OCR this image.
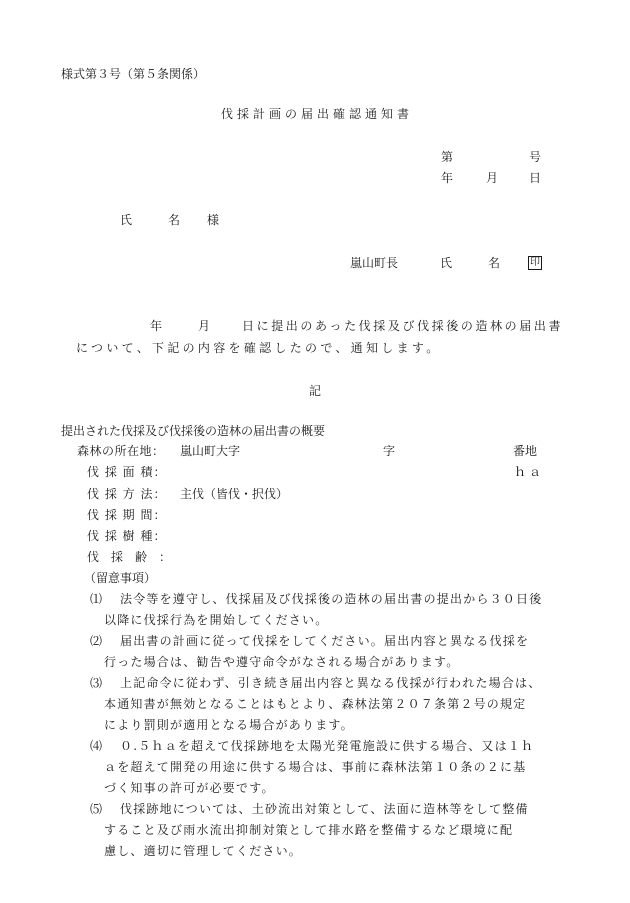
様式第３号（第５条関係）
伐採計画の届出確認通知書
第	号
年	月	日
氏　　名 様
嵐山町長	氏　　名	印
年	月	日に提出のあった伐採及び伐採後の造林の届出書
について、下記の内容を確認したので、通知します。
記
提出された伐採及び伐採後の造林の届出書の概要
森林の所在地： 嵐山町大字	字	番地
伐 採 面 積：	ｈａ
伐 採 方 法： 主伐（皆伐・択伐）
伐 採 期 間：
伐 採 樹 種：
伐　採　齢　：
（留意事項）
⑴ 法令等を遵守し、伐採届及び伐採後の造林の届出書の提出から３０日後
以降に伐採行為を開始してください。
⑵ 届出書の計画に従って伐採をしてください。届出内容と異なる伐採を
行った場合は、勧告や遵守命令がなされる場合があります。
⑶ 上記命令に従わず、引き続き届出内容と異なる伐採が行われた場合は、
本通知書が無効となることはもとより、森林法第２０７条第２号の規定
により罰則が適用となる場合があります。
⑷ ０.５ｈａを超えて伐採跡地を太陽光発電施設に供する場合、又は１ｈ
ａを超えて開発の用途に供する場合は、事前に森林法第１０条の２に基
づく知事の許可が必要です。
⑸ 伐採跡地については、土砂流出対策として、法面に造林等をして整備
すること及び雨水流出抑制対策として排水路を整備するなど環境に配
慮し、適切に管理してください。
